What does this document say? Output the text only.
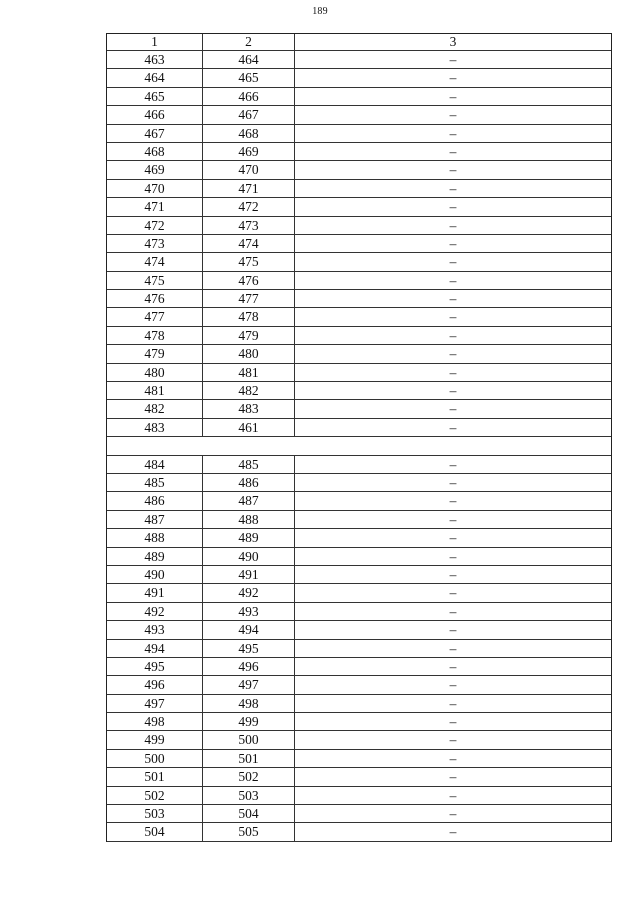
189
1	2	3
463	464	–
464	465	–
465	466	–
466	467	–
467	468	–
468	469	–
469	470	–
470	471	–
471	472	–
472	473	–
473	474	–
474	475	–
475	476	–
476	477	–
477	478	–
478	479	–
479	480	–
480	481	–
481	482	–
482	483	–
483	461	–
484	485	–
485	486	–
486	487	–
487	488	–
488	489	–
489	490	–
490	491	–
491	492	–
492	493	–
493	494	–
494	495	–
495	496	–
496	497	–
497	498	–
498	499	–
499	500	–
500	501	–
501	502	–
502	503	–
503	504	–
504	505	–
